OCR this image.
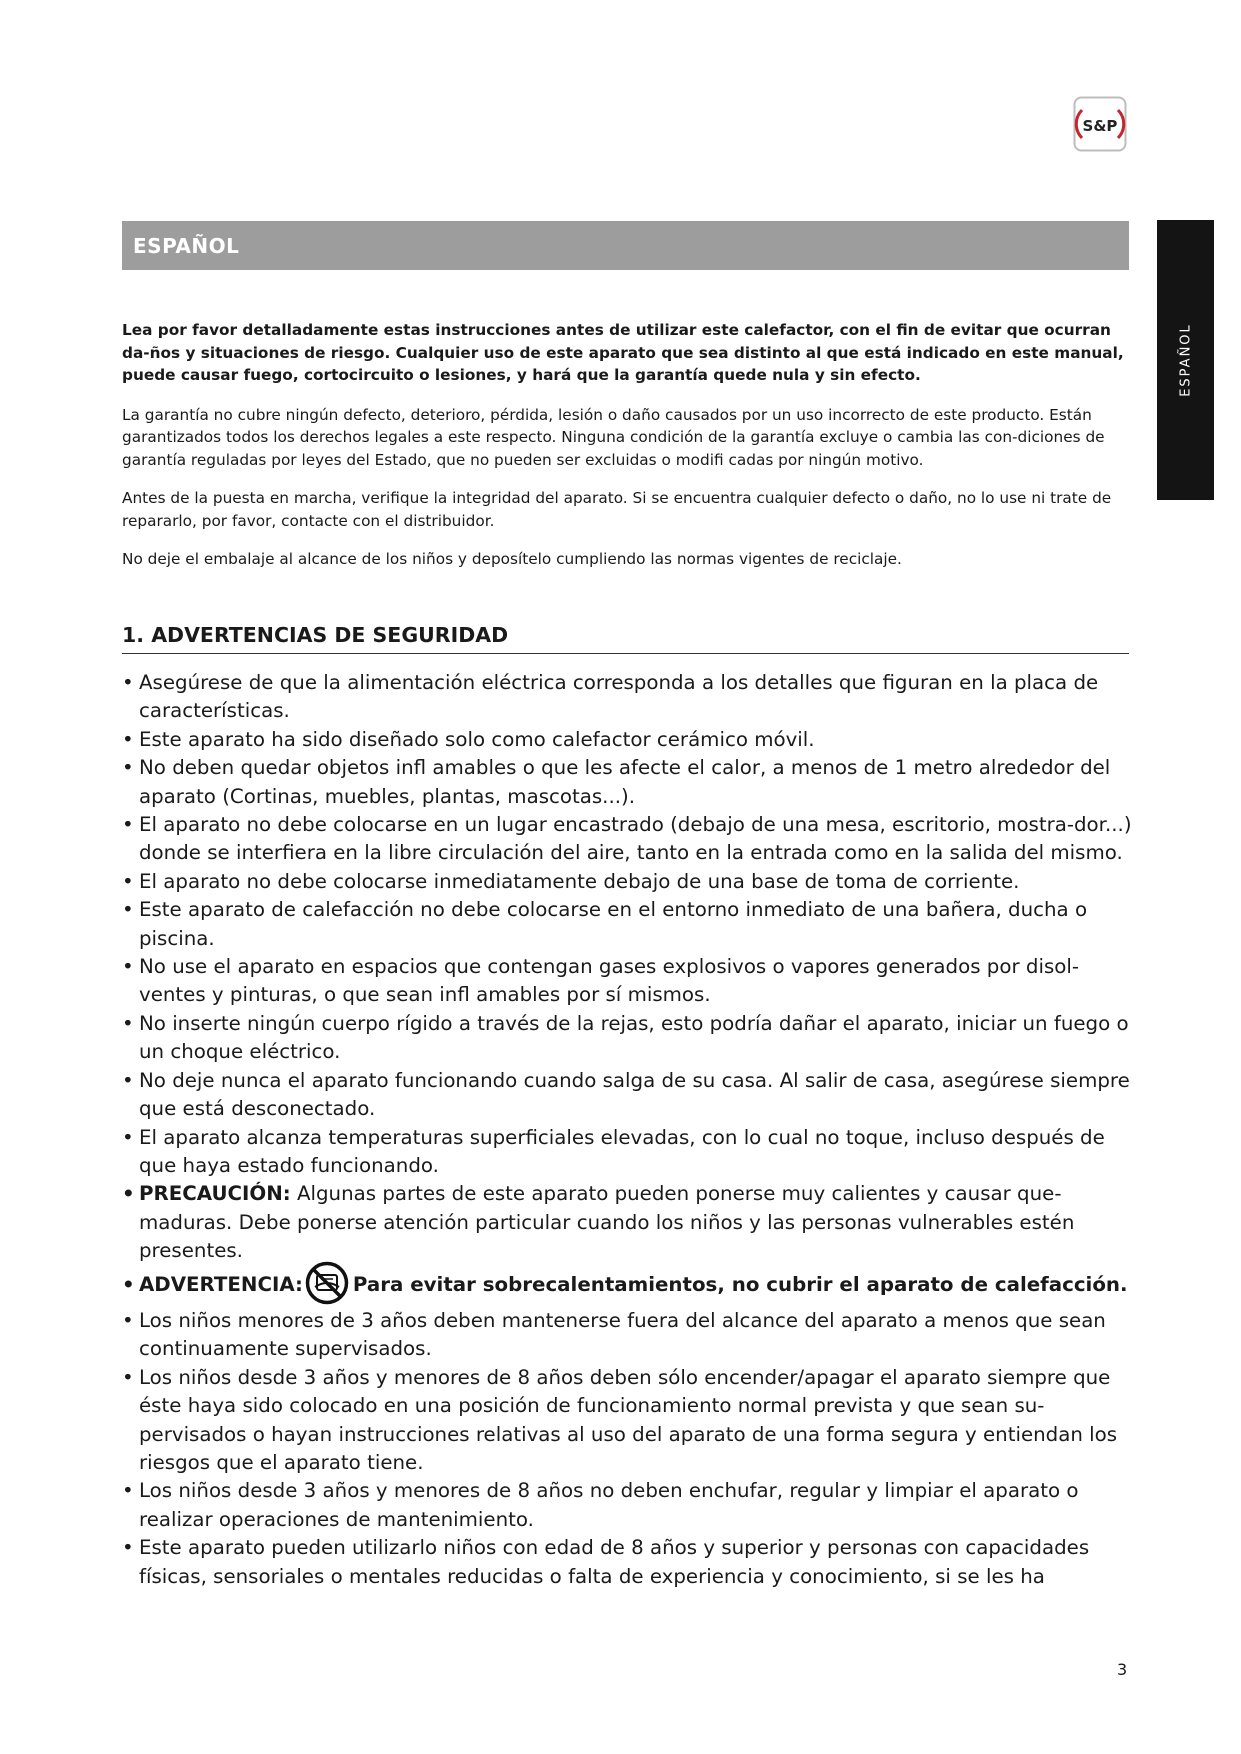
S&P
ESPAÑOL
ESPAÑOL

Lea por favor detalladamente estas instrucciones antes de utilizar este calefactor, con el fin de evitar que ocurran da-ños y situaciones de riesgo. Cualquier uso de este aparato que sea distinto al que está indicado en este manual, puede causar fuego, cortocircuito o lesiones, y hará que la garantía quede nula y sin efecto.

La garantía no cubre ningún defecto, deterioro, pérdida, lesión o daño causados por un uso incorrecto de este producto. Están garantizados todos los derechos legales a este respecto. Ninguna condición de la garantía excluye o cambia las con-diciones de garantía reguladas por leyes del Estado, que no pueden ser excluidas o modifi cadas por ningún motivo.

Antes de la puesta en marcha, verifique la integridad del aparato. Si se encuentra cualquier defecto o daño, no lo use ni trate de repararlo, por favor, contacte con el distribuidor.

No deje el embalaje al alcance de los niños y deposítelo cumpliendo las normas vigentes de reciclaje.

1. ADVERTENCIAS DE SEGURIDAD
• Asegúrese de que la alimentación eléctrica corresponda a los detalles que figuran en la placa de características.
• Este aparato ha sido diseñado solo como calefactor cerámico móvil.
• No deben quedar objetos infl amables o que les afecte el calor, a menos de 1 metro alrededor del aparato (Cortinas, muebles, plantas, mascotas...).
• El aparato no debe colocarse en un lugar encastrado (debajo de una mesa, escritorio, mostra-dor...) donde se interfiera en la libre circulación del aire, tanto en la entrada como en la salida del mismo.
• El aparato no debe colocarse inmediatamente debajo de una base de toma de corriente.
• Este aparato de calefacción no debe colocarse en el entorno inmediato de una bañera, ducha o piscina.
• No use el aparato en espacios que contengan gases explosivos o vapores generados por disol-ventes y pinturas, o que sean infl amables por sí mismos.
• No inserte ningún cuerpo rígido a través de la rejas, esto podría dañar el aparato, iniciar un fuego o un choque eléctrico.
• No deje nunca el aparato funcionando cuando salga de su casa. Al salir de casa, asegúrese siempre que está desconectado.
• El aparato alcanza temperaturas superficiales elevadas, con lo cual no toque, incluso después de que haya estado funcionando.
• PRECAUCIÓN: Algunas partes de este aparato pueden ponerse muy calientes y causar que-maduras. Debe ponerse atención particular cuando los niños y las personas vulnerables estén presentes.
• ADVERTENCIA:	Para evitar sobrecalentamientos, no cubrir el aparato de calefacción.
• Los niños menores de 3 años deben mantenerse fuera del alcance del aparato a menos que sean continuamente supervisados.
• Los niños desde 3 años y menores de 8 años deben sólo encender/apagar el aparato siempre que éste haya sido colocado en una posición de funcionamiento normal prevista y que sean su-pervisados o hayan instrucciones relativas al uso del aparato de una forma segura y entiendan los riesgos que el aparato tiene.
• Los niños desde 3 años y menores de 8 años no deben enchufar, regular y limpiar el aparato o realizar operaciones de mantenimiento.
• Este aparato pueden utilizarlo niños con edad de 8 años y superior y personas con capacidades físicas, sensoriales o mentales reducidas o falta de experiencia y conocimiento, si se les ha
3
